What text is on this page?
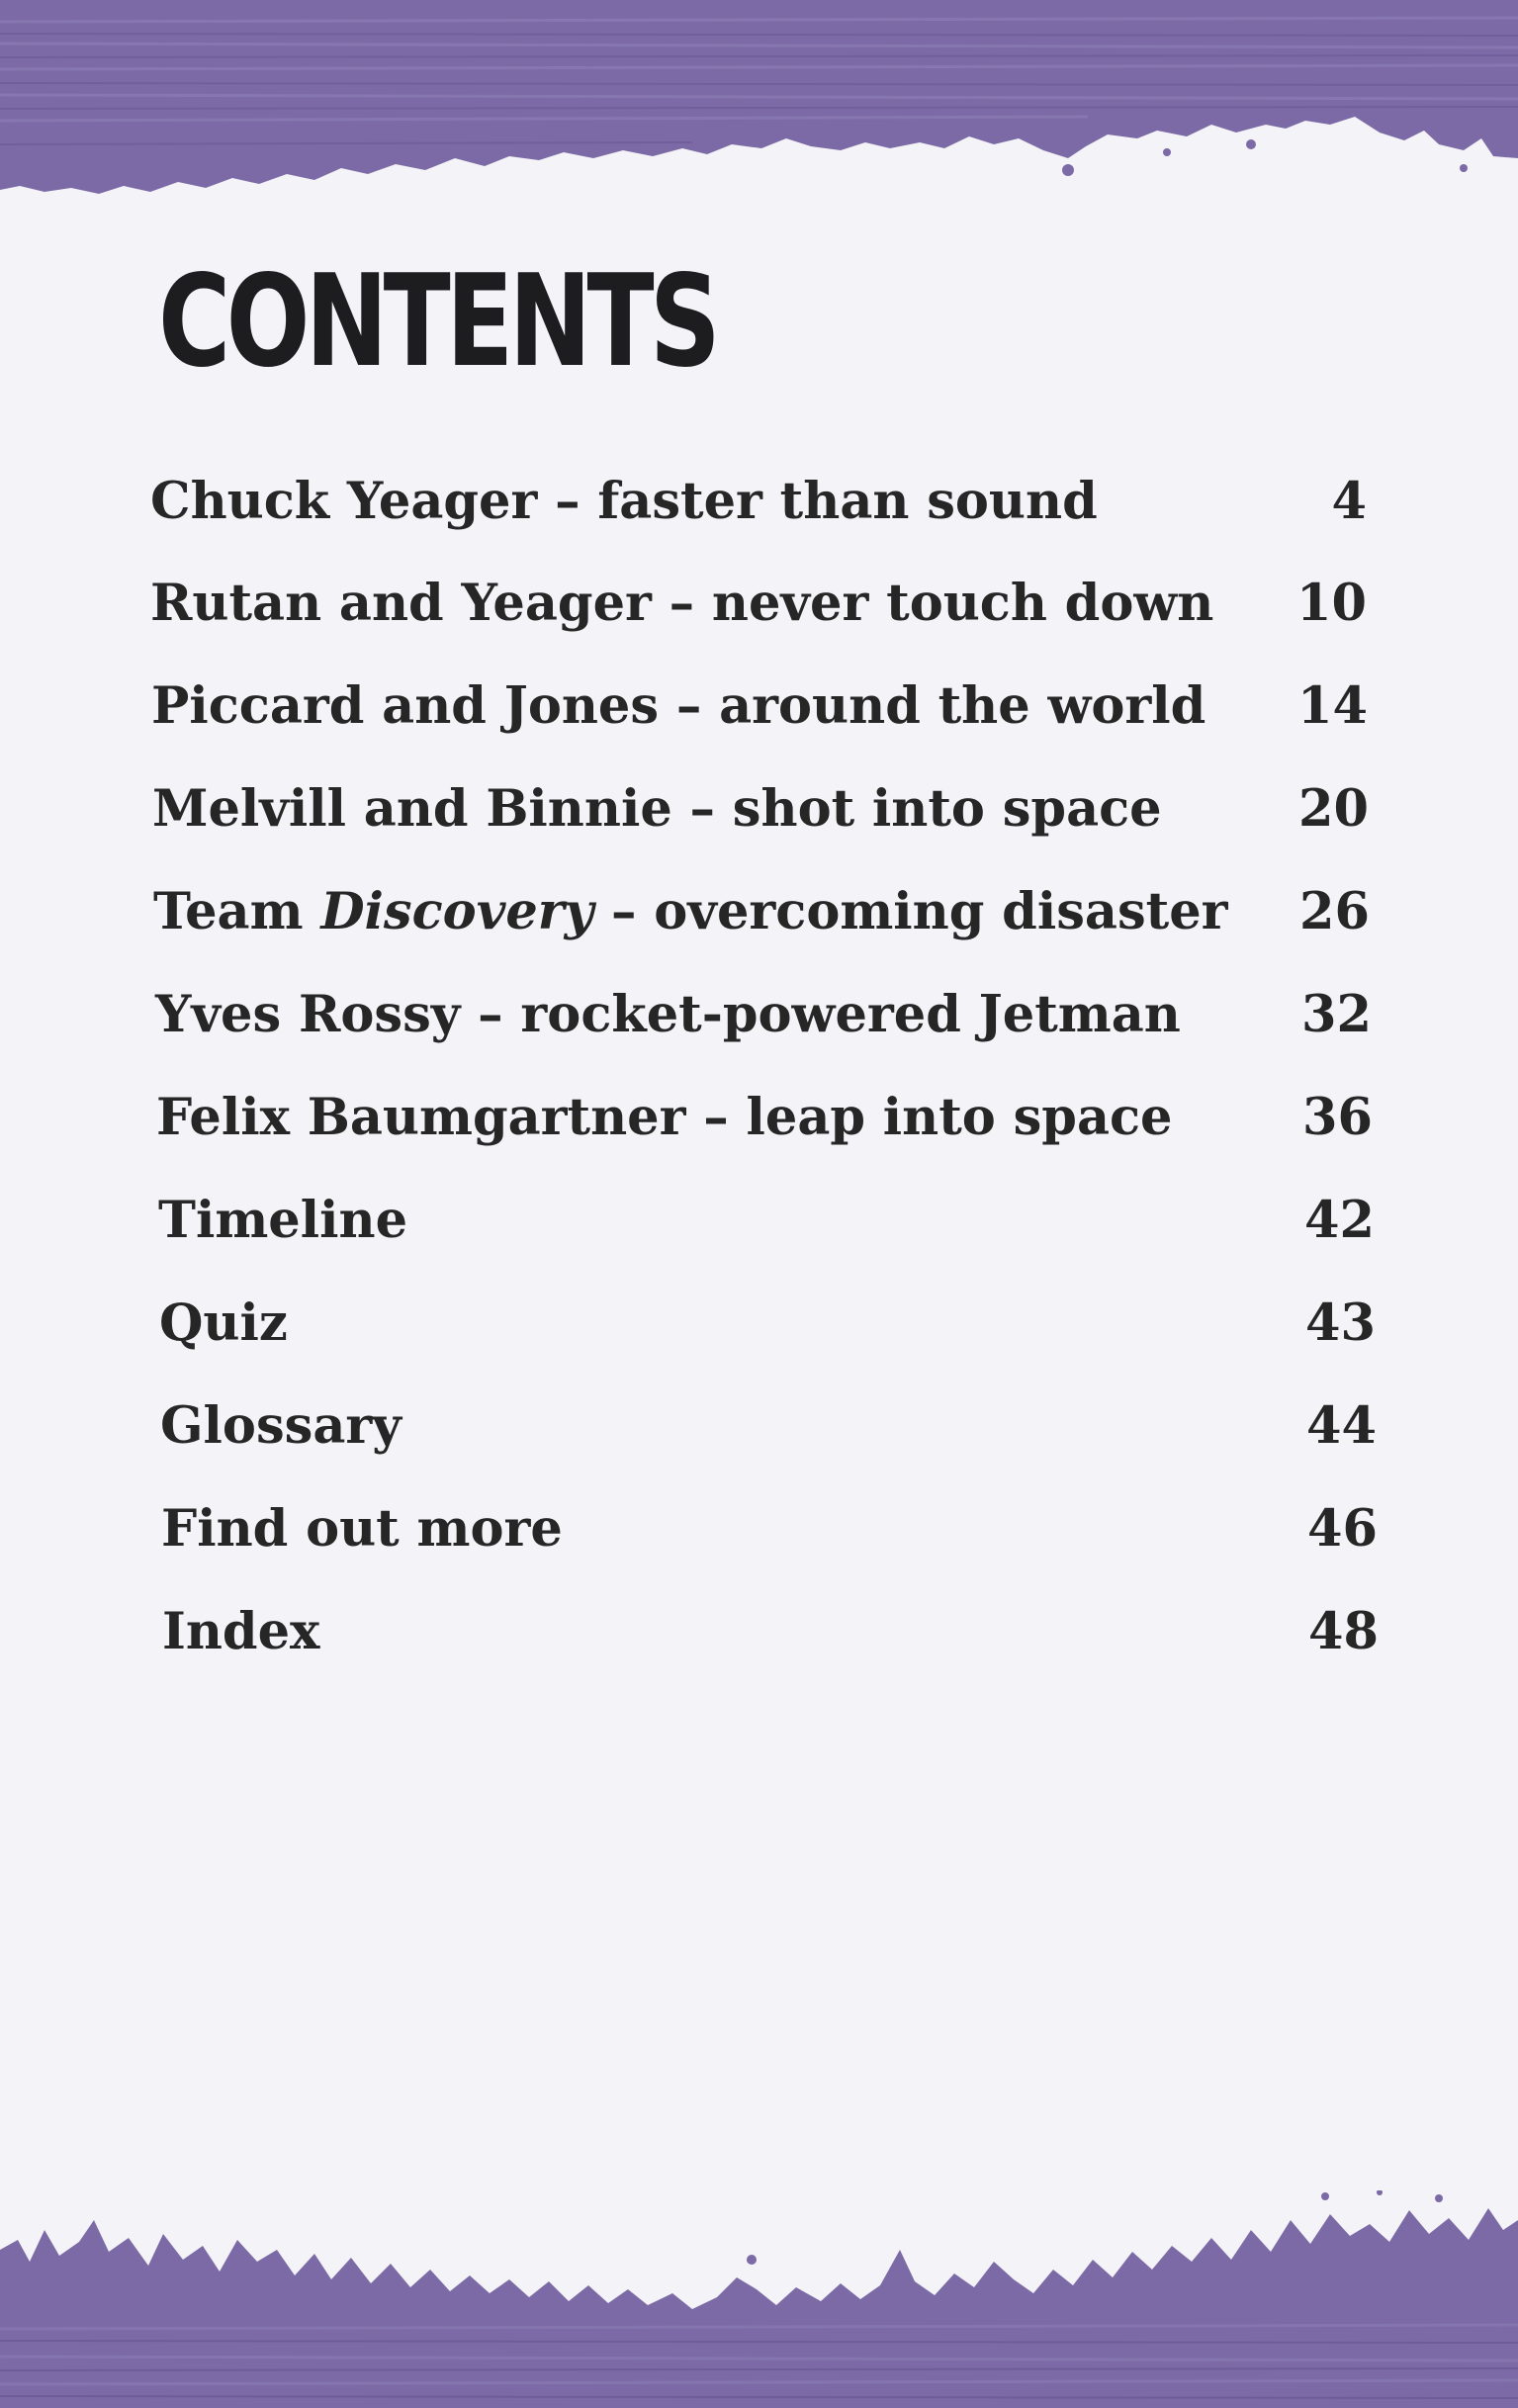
CONTENTS
Chuck Yeager – faster than sound	4
Rutan and Yeager – never touch down	10
Piccard and Jones – around the world	14
Melvill and Binnie – shot into space	20
Team Discovery – overcoming disaster	26
Yves Rossy – rocket-powered Jetman	32
Felix Baumgartner – leap into space	36
Timeline	42
Quiz	43
Glossary	44
Find out more	46
Index	48
